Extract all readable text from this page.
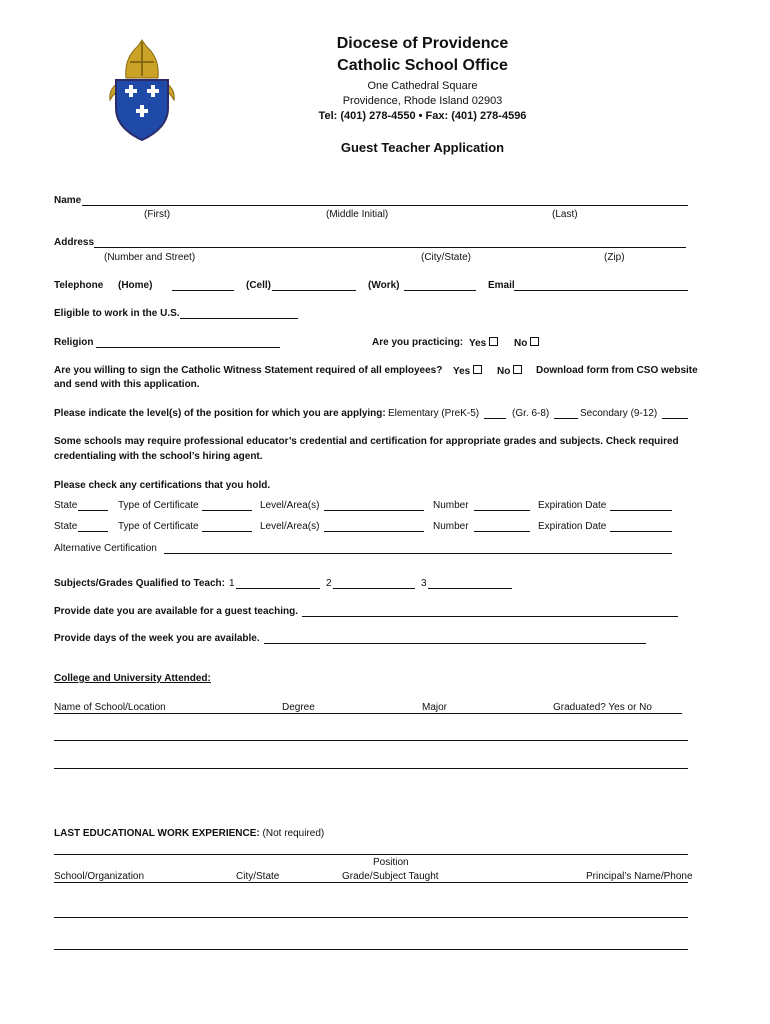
Diocese of Providence
Catholic School Office
One Cathedral Square
Providence, Rhode Island 02903
Tel: (401) 278-4550 • Fax: (401) 278-4596
Guest Teacher Application
Name
(First)	(Middle Initial)	(Last)
Address
(Number and Street)	(City/State)	(Zip)
Telephone (Home)	(Cell)	(Work)	Email
Eligible to work in the U.S.
Religion	Are you practicing: Yes	No
Are you willing to sign the Catholic Witness Statement required of all employees? Yes	No	Download form from CSO website
and send with this application.
Please indicate the level(s) of the position for which you are applying: Elementary (PreK-5)	(Gr. 6-8)	Secondary (9-12)
Some schools may require professional educator’s credential and certification for appropriate grades and subjects. Check required
credentialing with the school’s hiring agent.
Please check any certifications that you hold.
State	Type of Certificate	Level/Area(s)	Number	Expiration Date
State	Type of Certificate	Level/Area(s)	Number	Expiration Date
Alternative Certification
Subjects/Grades Qualified to Teach: 1	2	3
Provide date you are available for a guest teaching.
Provide days of the week you are available.
College and University Attended:
Name of School/Location	Degree	Major	Graduated? Yes or No
LAST EDUCATIONAL WORK EXPERIENCE: (Not required)
Position
School/Organization	City/State	Grade/Subject Taught	Principal’s Name/Phone
